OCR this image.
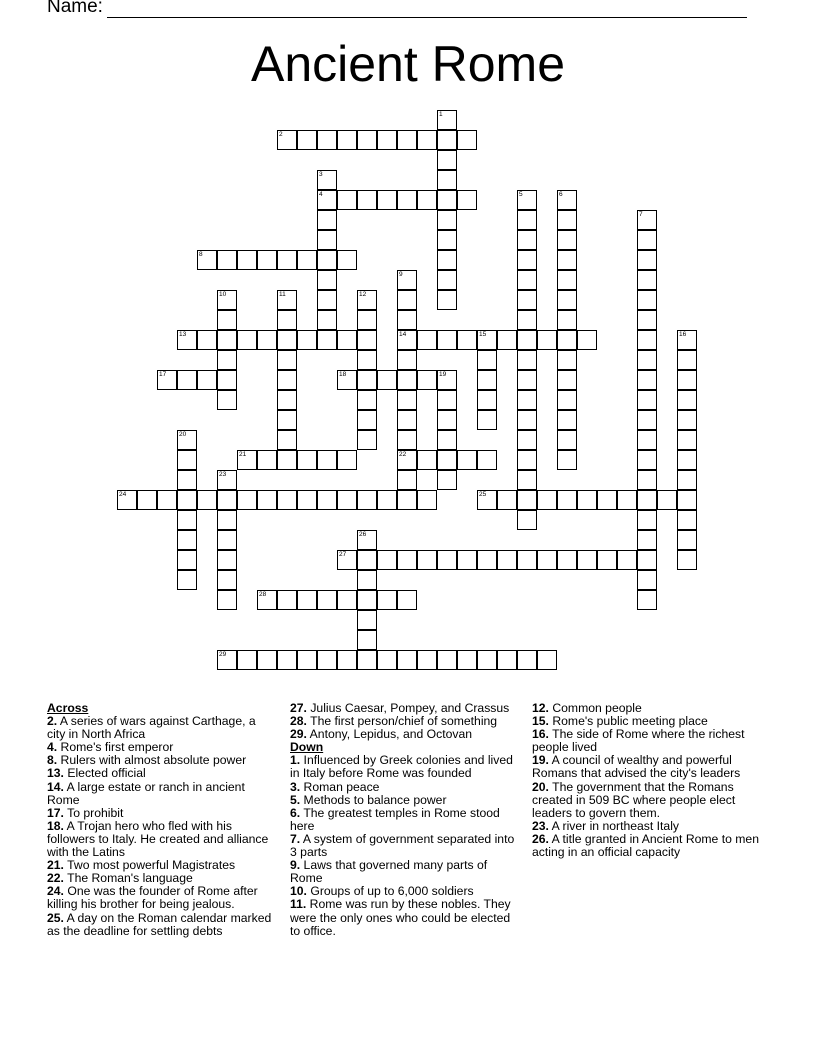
Name:
Ancient Rome
2
4
8
13	14	15
17	18	19
21	22
24	25
27
28
29
1
3
5	6
7
9
10	11	12
16
20
23
26

Across

2. A series of wars against Carthage, a city in North Africa

4. Rome's first emperor

8. Rulers with almost absolute power

13. Elected official

14. A large estate or ranch in ancient Rome

17. To prohibit

18. A Trojan hero who fled with his followers to Italy. He created and alliance with the Latins

21. Two most powerful Magistrates

22. The Roman's language

24. One was the founder of Rome after killing his brother for being jealous.

25. A day on the Roman calendar marked as the deadline for settling debts

27. Julius Caesar, Pompey, and Crassus

28. The first person/chief of something

29. Antony, Lepidus, and Octovan

Down

1. Influenced by Greek colonies and lived in Italy before Rome was founded

3. Roman peace

5. Methods to balance power

6. The greatest temples in Rome stood here

7. A system of government separated into 3 parts

9. Laws that governed many parts of Rome

10. Groups of up to 6,000 soldiers

11. Rome was run by these nobles. They were the only ones who could be elected to office.

12. Common people

15. Rome's public meeting place

16. The side of Rome where the richest people lived

19. A council of wealthy and powerful Romans that advised the city's leaders

20. The government that the Romans created in 509 BC where people elect leaders to govern them.

23. A river in northeast Italy

26. A title granted in Ancient Rome to men acting in an official capacity
